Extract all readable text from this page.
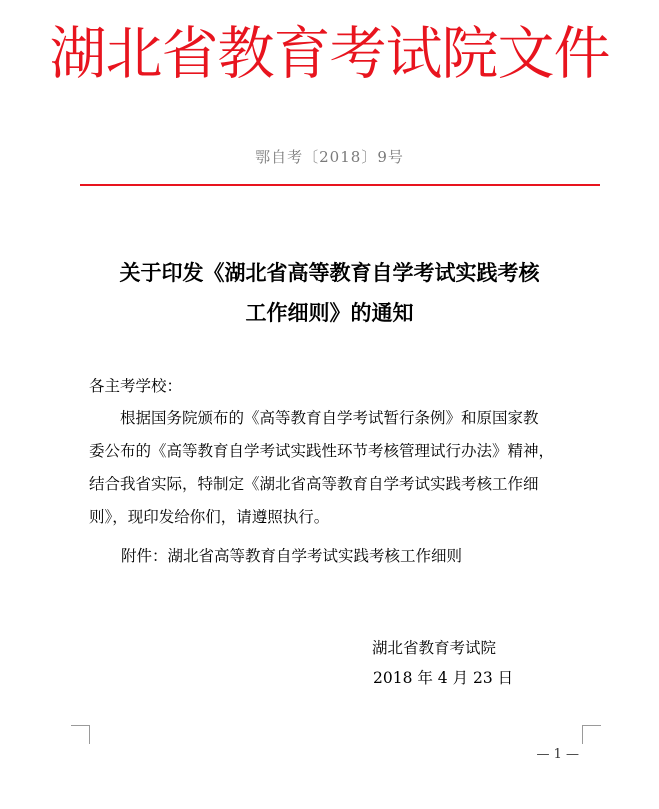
湖北省教育考试院文件
鄂自考〔2018〕9号
关于印发《湖北省高等教育自学考试实践考核
工作细则》的通知
各主考学校：
根据国务院颁布的《高等教育自学考试暂行条例》和原国家教
委公布的《高等教育自学考试实践性环节考核管理试行办法》精神，
结合我省实际，特制定《湖北省高等教育自学考试实践考核工作细
则》，现印发给你们，请遵照执行。
附件：湖北省高等教育自学考试实践考核工作细则
湖北省教育考试院
2018 年 4 月 23 日
— 1 —
